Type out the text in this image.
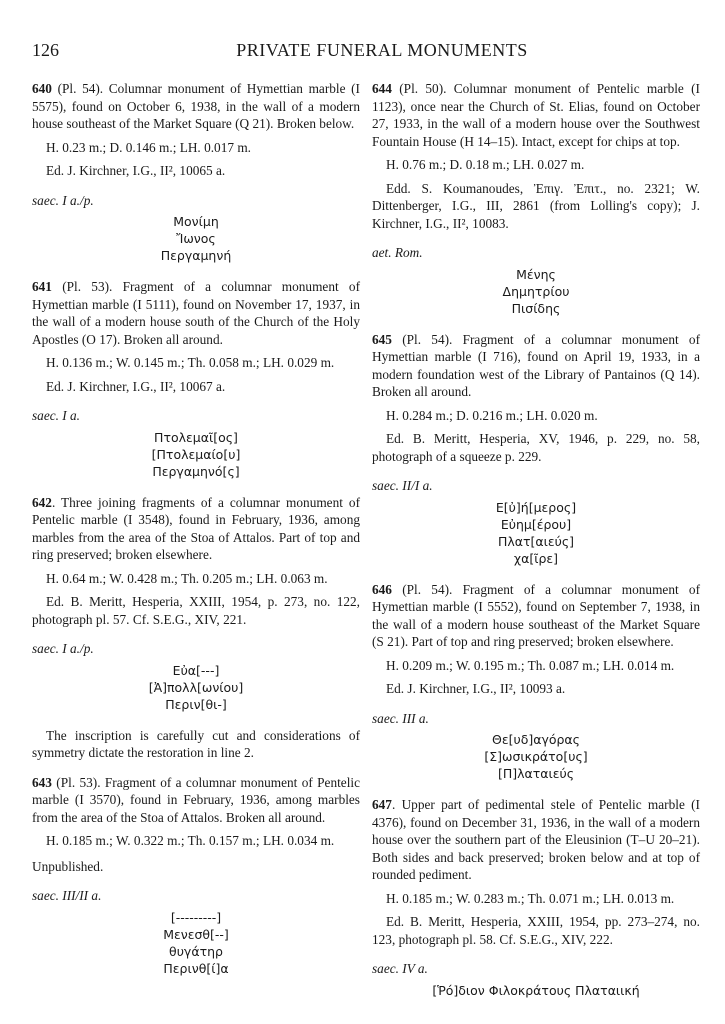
126	PRIVATE FUNERAL MONUMENTS

640 (Pl. 54). Columnar monument of Hymettian marble (I 5575), found on October 6, 1938, in the wall of a modern house southeast of the Market Square (Q 21). Broken below.

H. 0.23 m.; D. 0.146 m.; LH. 0.017 m.

Ed. J. Kirchner, I.G., II², 10065 a.

saec. I a./p.

Μονίμη
Ἴωνος
Περγαμηνή

641 (Pl. 53). Fragment of a columnar monument of Hymettian marble (I 5111), found on November 17, 1937, in the wall of a modern house south of the Church of the Holy Apostles (O 17). Broken all around.

H. 0.136 m.; W. 0.145 m.; Th. 0.058 m.; LH. 0.029 m.

Ed. J. Kirchner, I.G., II², 10067 a.

saec. I a.

Πτολεμαῖ[ος]
[Πτολεμαίο[υ]
Περγαμηνό[ς]

642. Three joining fragments of a columnar monument of Pentelic marble (I 3548), found in February, 1936, among marbles from the area of the Stoa of Attalos. Part of top and ring preserved; broken elsewhere.

H. 0.64 m.; W. 0.428 m.; Th. 0.205 m.; LH. 0.063 m.

Ed. B. Meritt, Hesperia, XXIII, 1954, p. 273, no. 122, photograph pl. 57. Cf. S.E.G., XIV, 221.

saec. I a./p.

Εὐα[---]
[Ἀ]πολλ[ωνίου]
Περιν[θι-]

The inscription is carefully cut and considerations of symmetry dictate the restoration in line 2.

643 (Pl. 53). Fragment of a columnar monument of Pentelic marble (I 3570), found in February, 1936, among marbles from the area of the Stoa of Attalos. Broken all around.

H. 0.185 m.; W. 0.322 m.; Th. 0.157 m.; LH. 0.034 m.

Unpublished.

saec. III/II a.

[---------]
Μενεσθ[--]
θυγάτηρ
Περινθ[ί]α

644 (Pl. 50). Columnar monument of Pentelic marble (I 1123), once near the Church of St. Elias, found on October 27, 1933, in the wall of a modern house over the Southwest Fountain House (H 14–15). Intact, except for chips at top.

H. 0.76 m.; D. 0.18 m.; LH. 0.027 m.

Edd. S. Koumanoudes, Ἐπιγ. Ἐπιτ., no. 2321; W. Dittenberger, I.G., III, 2861 (from Lolling's copy); J. Kirchner, I.G., II², 10083.

aet. Rom.

Μένης
Δημητρίου
Πισίδης

645 (Pl. 54). Fragment of a columnar monument of Hymettian marble (I 716), found on April 19, 1933, in a modern foundation west of the Library of Pantainos (Q 14). Broken all around.

H. 0.284 m.; D. 0.216 m.; LH. 0.020 m.

Ed. B. Meritt, Hesperia, XV, 1946, p. 229, no. 58, photograph of a squeeze p. 229.

saec. II/I a.

Ε[ὐ]ή[μερος]
Εὐημ[έρου]
Πλατ[αιεύς]
χα[ῖρε]

646 (Pl. 54). Fragment of a columnar monument of Hymettian marble (I 5552), found on September 7, 1938, in the wall of a modern house southeast of the Market Square (S 21). Part of top and ring preserved; broken elsewhere.

H. 0.209 m.; W. 0.195 m.; Th. 0.087 m.; LH. 0.014 m.

Ed. J. Kirchner, I.G., II², 10093 a.

saec. III a.

Θε[υδ]αγόρας
[Σ]ωσικράτο[υς]
[Π]λαταιεύς

647. Upper part of pedimental stele of Pentelic marble (I 4376), found on December 31, 1936, in the wall of a modern house over the southern part of the Eleusinion (T–U 20–21). Both sides and back preserved; broken below and at top of rounded pediment.

H. 0.185 m.; W. 0.283 m.; Th. 0.071 m.; LH. 0.013 m.

Ed. B. Meritt, Hesperia, XXIII, 1954, pp. 273–274, no. 123, photograph pl. 58. Cf. S.E.G., XIV, 222.

saec. IV a.

[Ῥό]διον Φιλοκράτους Πλαταιική
